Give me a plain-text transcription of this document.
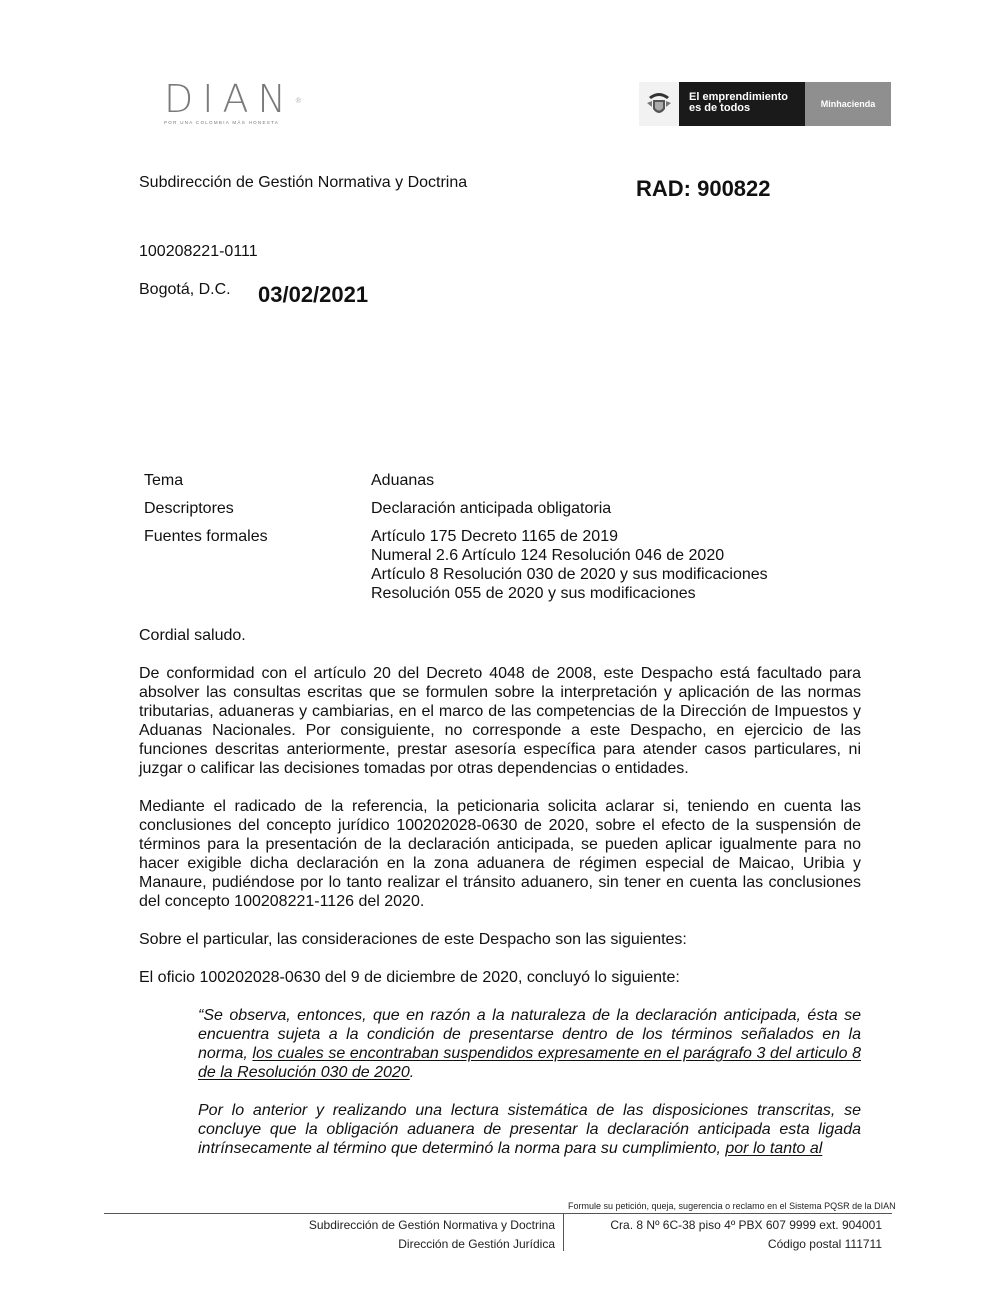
DIAN®
POR UNA COLOMBIA MÁS HONESTA
El emprendimiento
es de todos	Minhacienda
Subdirección de Gestión Normativa y Doctrina	RAD: 900822
100208221-0111
Bogotá, D.C. 03/02/2021
Tema	Aduanas
Descriptores	Declaración anticipada obligatoria
Fuentes formales	Artículo 175 Decreto 1165 de 2019
Numeral 2.6 Artículo 124 Resolución 046 de 2020
Artículo 8 Resolución 030 de 2020 y sus modificaciones
Resolución 055 de 2020 y sus modificaciones

Cordial saludo.

De conformidad con el artículo 20 del Decreto 4048 de 2008, este Despacho está facultado para absolver las consultas escritas que se formulen sobre la interpretación y aplicación de las normas tributarias, aduaneras y cambiarias, en el marco de las competencias de la Dirección de Impuestos y Aduanas Nacionales. Por consiguiente, no corresponde a este Despacho, en ejercicio de las funciones descritas anteriormente, prestar asesoría específica para atender casos particulares, ni juzgar o calificar las decisiones tomadas por otras dependencias o entidades.

Mediante el radicado de la referencia, la peticionaria solicita aclarar si, teniendo en cuenta las conclusiones del concepto jurídico 100202028-0630 de 2020, sobre el efecto de la suspensión de términos para la presentación de la declaración anticipada, se pueden aplicar igualmente para no hacer exigible dicha declaración en la zona aduanera de régimen especial de Maicao, Uribia y Manaure, pudiéndose por lo tanto realizar el tránsito aduanero, sin tener en cuenta las conclusiones del concepto 100208221-1126 del 2020.

Sobre el particular, las consideraciones de este Despacho son las siguientes:

El oficio 100202028-0630 del 9 de diciembre de 2020, concluyó lo siguiente:

“Se observa, entonces, que en razón a la naturaleza de la declaración anticipada, ésta se encuentra sujeta a la condición de presentarse dentro de los términos señalados en la norma, los cuales se encontraban suspendidos expresamente en el parágrafo 3 del articulo 8 de la Resolución 030 de 2020.
Por lo anterior y realizando una lectura sistemática de las disposiciones transcritas, se concluye que la obligación aduanera de presentar la declaración anticipada esta ligada intrínsecamente al término que determinó la norma para su cumplimiento, por lo tanto al
Formule su petición, queja, sugerencia o reclamo en el Sistema PQSR de la DIAN
Subdirección de Gestión Normativa y Doctrina
Dirección de Gestión Jurídica
Cra. 8 Nº 6C-38 piso 4º PBX 607 9999 ext. 904001
Código postal 111711
